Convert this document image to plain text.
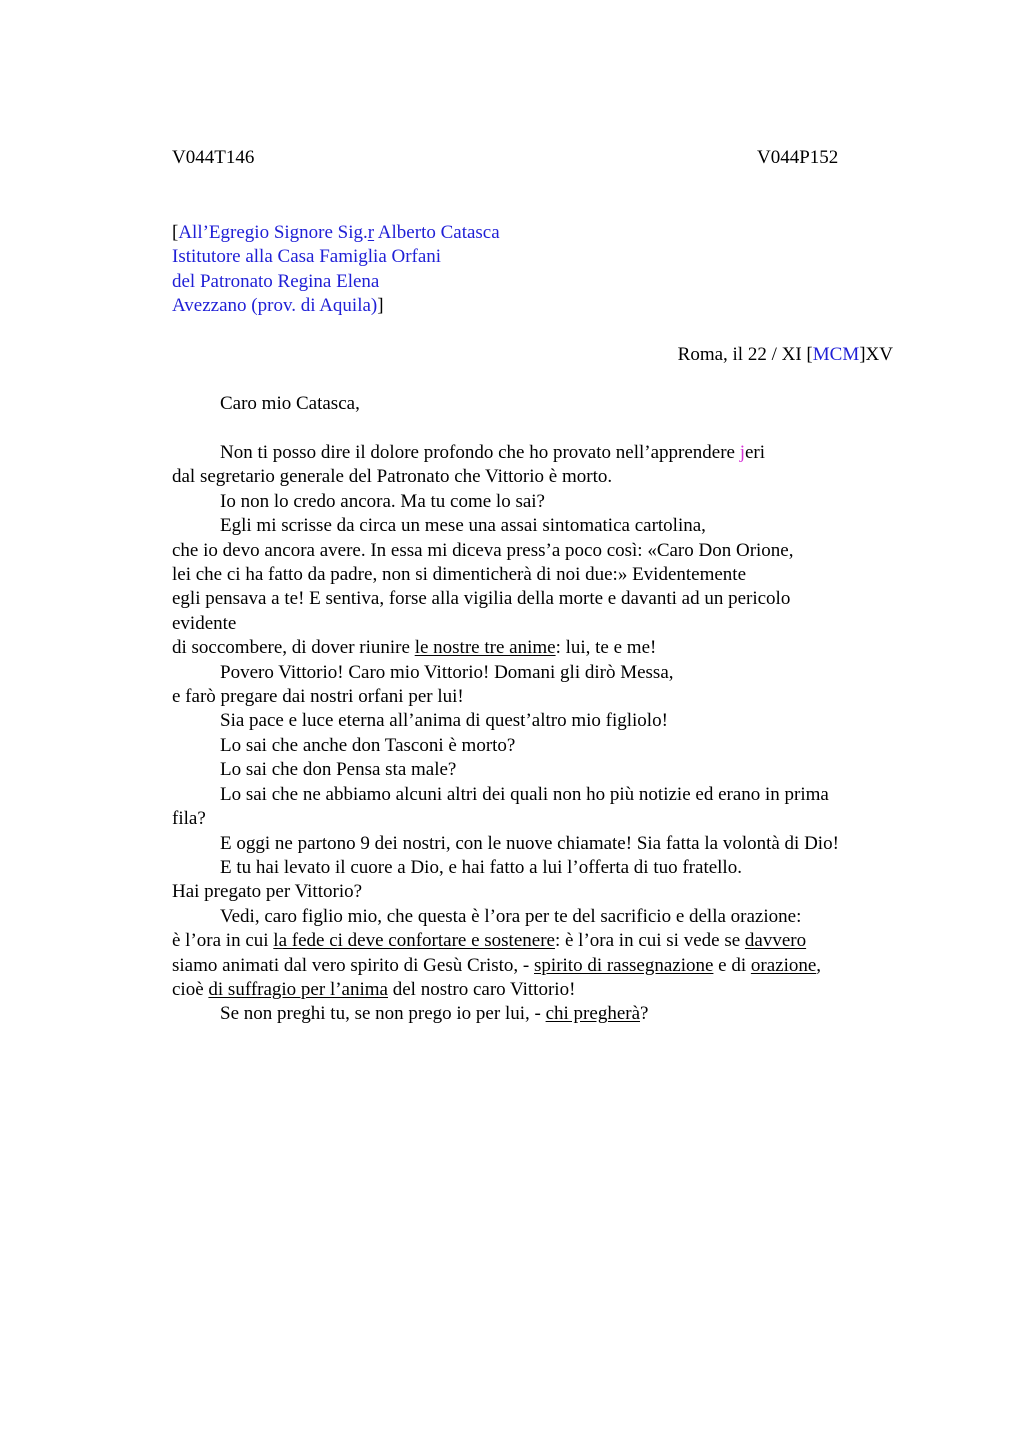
V044T146	V044P152
[All’Egregio Signore Sig.r Alberto Catasca
Istitutore alla Casa Famiglia Orfani
del Patronato Regina Elena
Avezzano (prov. di Aquila)]
Roma, il 22 / XI [MCM]XV
Caro mio Catasca,
Non ti posso dire il dolore profondo che ho provato nell’apprendere jeri
dal segretario generale del Patronato che Vittorio è morto.
Io non lo credo ancora. Ma tu come lo sai?
Egli mi scrisse da circa un mese una assai sintomatica cartolina,
che io devo ancora avere. In essa mi diceva press’a poco così: «Caro Don Orione,
lei che ci ha fatto da padre, non si dimenticherà di noi due:» Evidentemente
egli pensava a te! E sentiva, forse alla vigilia della morte e davanti ad un pericolo
evidente
di soccombere, di dover riunire le nostre tre anime: lui, te e me!
Povero Vittorio! Caro mio Vittorio! Domani gli dirò Messa,
e farò pregare dai nostri orfani per lui!
Sia pace e luce eterna all’anima di quest’altro mio figliolo!
Lo sai che anche don Tasconi è morto?
Lo sai che don Pensa sta male?
Lo sai che ne abbiamo alcuni altri dei quali non ho più notizie ed erano in prima
fila?
E oggi ne partono 9 dei nostri, con le nuove chiamate! Sia fatta la volontà di Dio!
E tu hai levato il cuore a Dio, e hai fatto a lui l’offerta di tuo fratello.
Hai pregato per Vittorio?
Vedi, caro figlio mio, che questa è l’ora per te del sacrificio e della orazione:
è l’ora in cui la fede ci deve confortare e sostenere: è l’ora in cui si vede se davvero
siamo animati dal vero spirito di Gesù Cristo, - spirito di rassegnazione e di orazione,
cioè di suffragio per l’anima del nostro caro Vittorio!
Se non preghi tu, se non prego io per lui, - chi pregherà?
